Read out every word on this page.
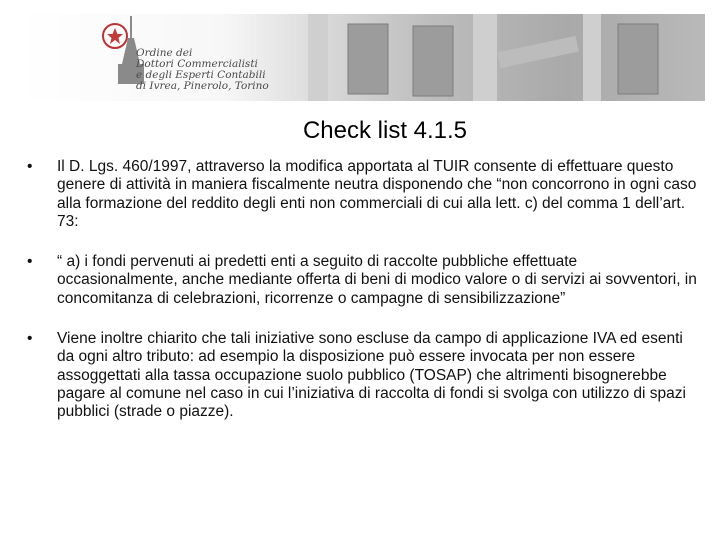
Ordine dei
Dottori Commercialisti
e degli Esperti Contabili
di Ivrea, Pinerolo, Torino
Check list 4.1.5
•	Il D. Lgs. 460/1997, attraverso la modifica apportata al TUIR consente di effettuare questo genere di attività in maniera fiscalmente neutra disponendo che “non concorrono in ogni caso alla formazione del reddito degli enti non commerciali di cui alla lett. c) del comma 1 dell’art. 73:
•	“ a) i fondi pervenuti ai predetti enti a seguito di raccolte pubbliche effettuate occasionalmente, anche mediante offerta di beni di modico valore o di servizi ai sovventori, in concomitanza di celebrazioni, ricorrenze o campagne di sensibilizzazione”
•	Viene inoltre chiarito che tali iniziative sono escluse da campo di applicazione IVA ed esenti da ogni altro tributo: ad esempio la disposizione può essere invocata per non essere assoggettati alla tassa occupazione suolo pubblico (TOSAP) che altrimenti bisognerebbe pagare al comune nel caso in cui l’iniziativa di raccolta di fondi si svolga con utilizzo di spazi pubblici (strade o piazze).
